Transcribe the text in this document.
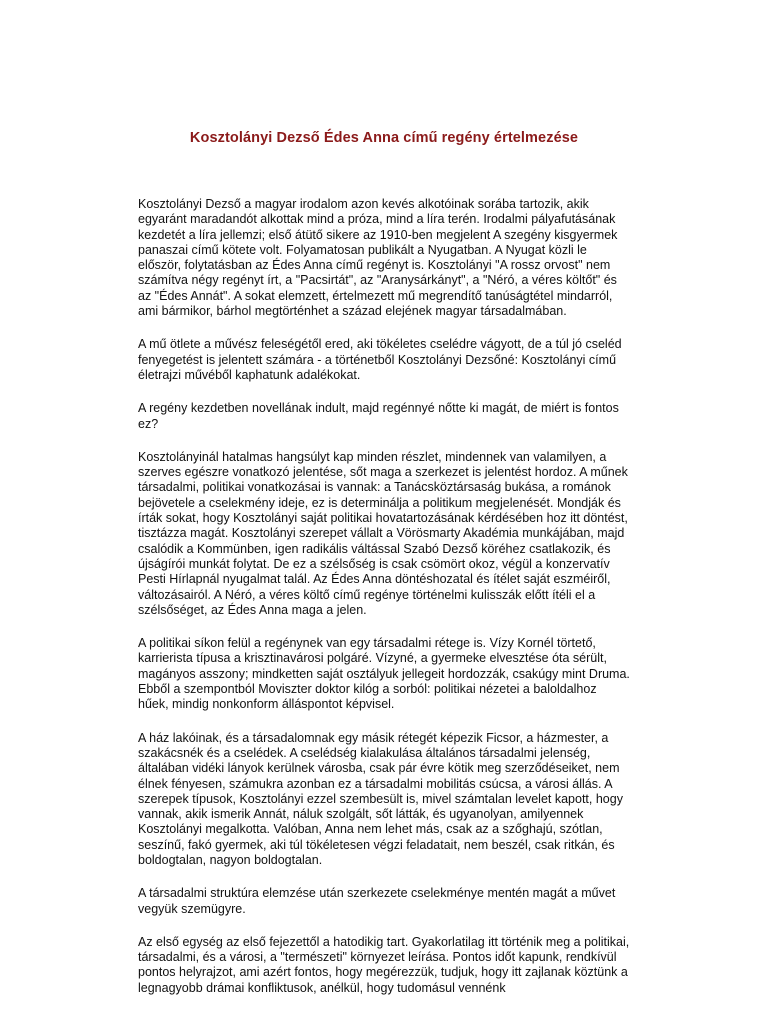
Kosztolányi Dezső Édes Anna című regény értelmezése

Kosztolányi Dezső a magyar irodalom azon kevés alkotóinak sorába tartozik, akik egyaránt maradandót alkottak mind a próza, mind a líra terén. Irodalmi pályafutásának kezdetét a líra jellemzi; első átütő sikere az 1910-ben megjelent A szegény kisgyermek panaszai című kötete volt. Folyamatosan publikált a Nyugatban. A Nyugat közli le először, folytatásban az Édes Anna című regényt is. Kosztolányi "A rossz orvost" nem számítva négy regényt írt, a "Pacsirtát", az "Aranysárkányt", a "Néró, a véres költőt" és az "Édes Annát". A sokat elemzett, értelmezett mű megrendítő tanúságtétel mindarról, ami bármikor, bárhol megtörténhet a század elejének magyar társadalmában.

A mű ötlete a művész feleségétől ered, aki tökéletes cselédre vágyott, de a túl jó cseléd fenyegetést is jelentett számára - a történetből Kosztolányi Dezsőné: Kosztolányi című életrajzi művéből kaphatunk adalékokat.

A regény kezdetben novellának indult, majd regénnyé nőtte ki magát, de miért is fontos ez?

Kosztolányinál hatalmas hangsúlyt kap minden részlet, mindennek van valamilyen, a szerves egészre vonatkozó jelentése, sőt maga a szerkezet is jelentést hordoz. A műnek társadalmi, politikai vonatkozásai is vannak: a Tanácsköztársaság bukása, a románok bejövetele a cselekmény ideje, ez is determinálja a politikum megjelenését. Mondják és írták sokat, hogy Kosztolányi saját politikai hovatartozásának kérdésében hoz itt döntést, tisztázza magát. Kosztolányi szerepet vállalt a Vörösmarty Akadémia munkájában, majd csalódik a Kommünben, igen radikális váltással Szabó Dezső köréhez csatlakozik, és újságírói munkát folytat. De ez a szélsőség is csak csömört okoz, végül a konzervatív Pesti Hírlapnál nyugalmat talál. Az Édes Anna döntéshozatal és ítélet saját eszméiről, változásairól. A Néró, a véres költő című regénye történelmi kulisszák előtt ítéli el a szélsőséget, az Édes Anna maga a jelen.

A politikai síkon felül a regénynek van egy társadalmi rétege is. Vízy Kornél törtető, karrierista típusa a krisztinavárosi polgáré. Vízyné, a gyermeke elvesztése óta sérült, magányos asszony; mindketten saját osztályuk jellegeit hordozzák, csakúgy mint Druma. Ebből a szempontból Moviszter doktor kilóg a sorból: politikai nézetei a baloldalhoz hűek, mindig nonkonform álláspontot képvisel.

A ház lakóinak, és a társadalomnak egy másik rétegét képezik Ficsor, a házmester, a szakácsnék és a cselédek. A cselédség kialakulása általános társadalmi jelenség, általában vidéki lányok kerülnek városba, csak pár évre kötik meg szerződéseiket, nem élnek fényesen, számukra azonban ez a társadalmi mobilitás csúcsa, a városi állás. A szerepek típusok, Kosztolányi ezzel szembesült is, mivel számtalan levelet kapott, hogy vannak, akik ismerik Annát, náluk szolgált, sőt látták, és ugyanolyan, amilyennek Kosztolányi megalkotta. Valóban, Anna nem lehet más, csak az a szőghajú, szótlan, seszínű, fakó gyermek, aki túl tökéletesen végzi feladatait, nem beszél, csak ritkán, és boldogtalan, nagyon boldogtalan.

A társadalmi struktúra elemzése után szerkezete cselekménye mentén magát a művet vegyük szemügyre.

Az első egység az első fejezettől a hatodikig tart. Gyakorlatilag itt történik meg a politikai, társadalmi, és a városi, a "természeti" környezet leírása. Pontos időt kapunk, rendkívül pontos helyrajzot, ami azért fontos, hogy megérezzük, tudjuk, hogy itt zajlanak köztünk a legnagyobb drámai konfliktusok, anélkül, hogy tudomásul vennénk
